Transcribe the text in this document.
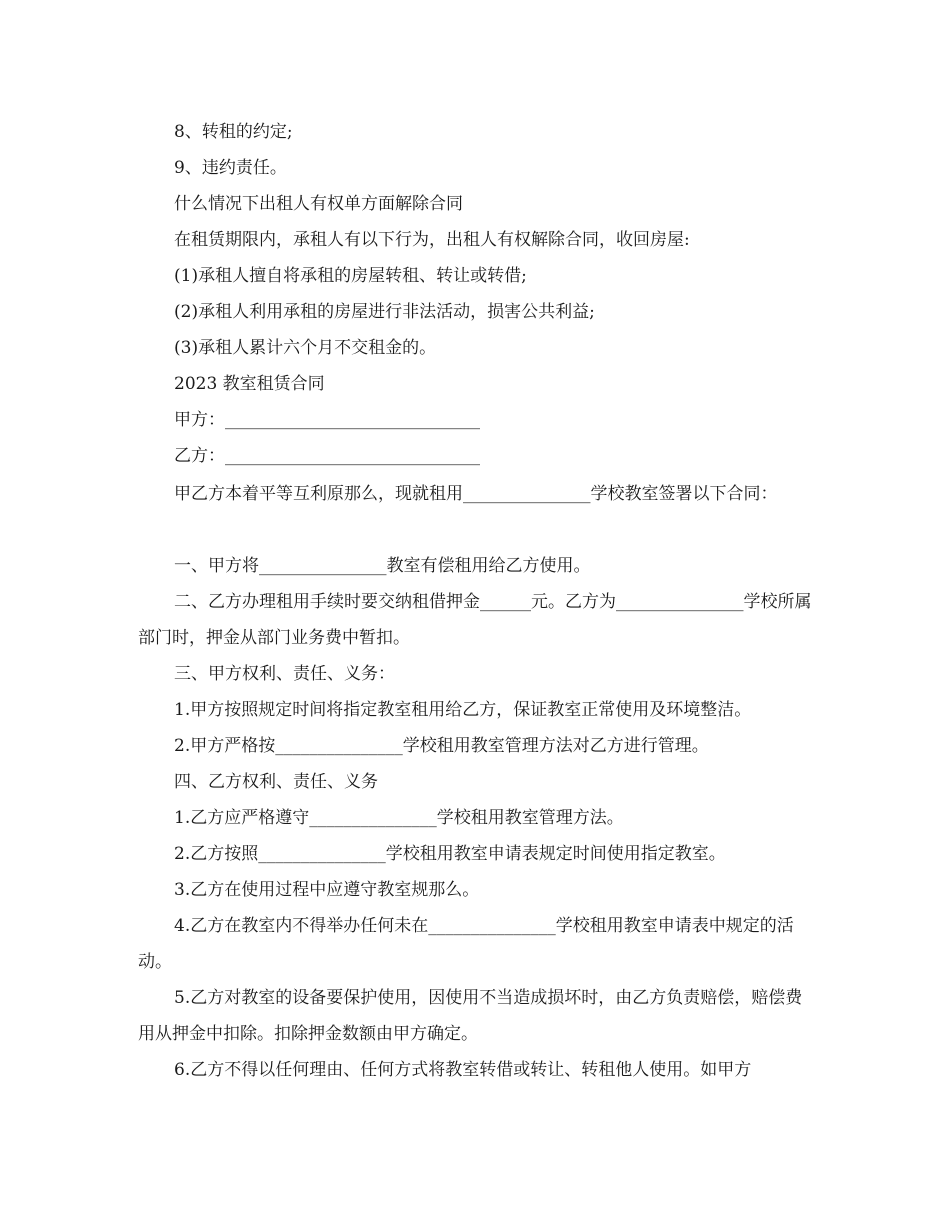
8、转租的约定;

9、违约责任。

什么情况下出租人有权单方面解除合同

在租赁期限内，承租人有以下行为，出租人有权解除合同，收回房屋:

(1)承租人擅自将承租的房屋转租、转让或转借;

(2)承租人利用承租的房屋进行非法活动，损害公共利益;

(3)承租人累计六个月不交租金的。

2023 教室租赁合同

甲方：______________________________

乙方：______________________________

甲乙方本着平等互利原那么，现就租用_______________学校教室签署以下合同：

一、甲方将_______________教室有偿租用给乙方使用。

二、乙方办理租用手续时要交纳租借押金______元。乙方为_______________学校所属部门时，押金从部门业务费中暂扣。

三、甲方权利、责任、义务：

1.甲方按照规定时间将指定教室租用给乙方，保证教室正常使用及环境整洁。

2.甲方严格按_______________学校租用教室管理方法对乙方进行管理。

四、乙方权利、责任、义务

1.乙方应严格遵守_______________学校租用教室管理方法。

2.乙方按照_______________学校租用教室申请表规定时间使用指定教室。

3.乙方在使用过程中应遵守教室规那么。

4.乙方在教室内不得举办任何未在_______________学校租用教室申请表中规定的活动。

5.乙方对教室的设备要保护使用，因使用不当造成损坏时，由乙方负责赔偿，赔偿费用从押金中扣除。扣除押金数额由甲方确定。

6.乙方不得以任何理由、任何方式将教室转借或转让、转租他人使用。如甲方
